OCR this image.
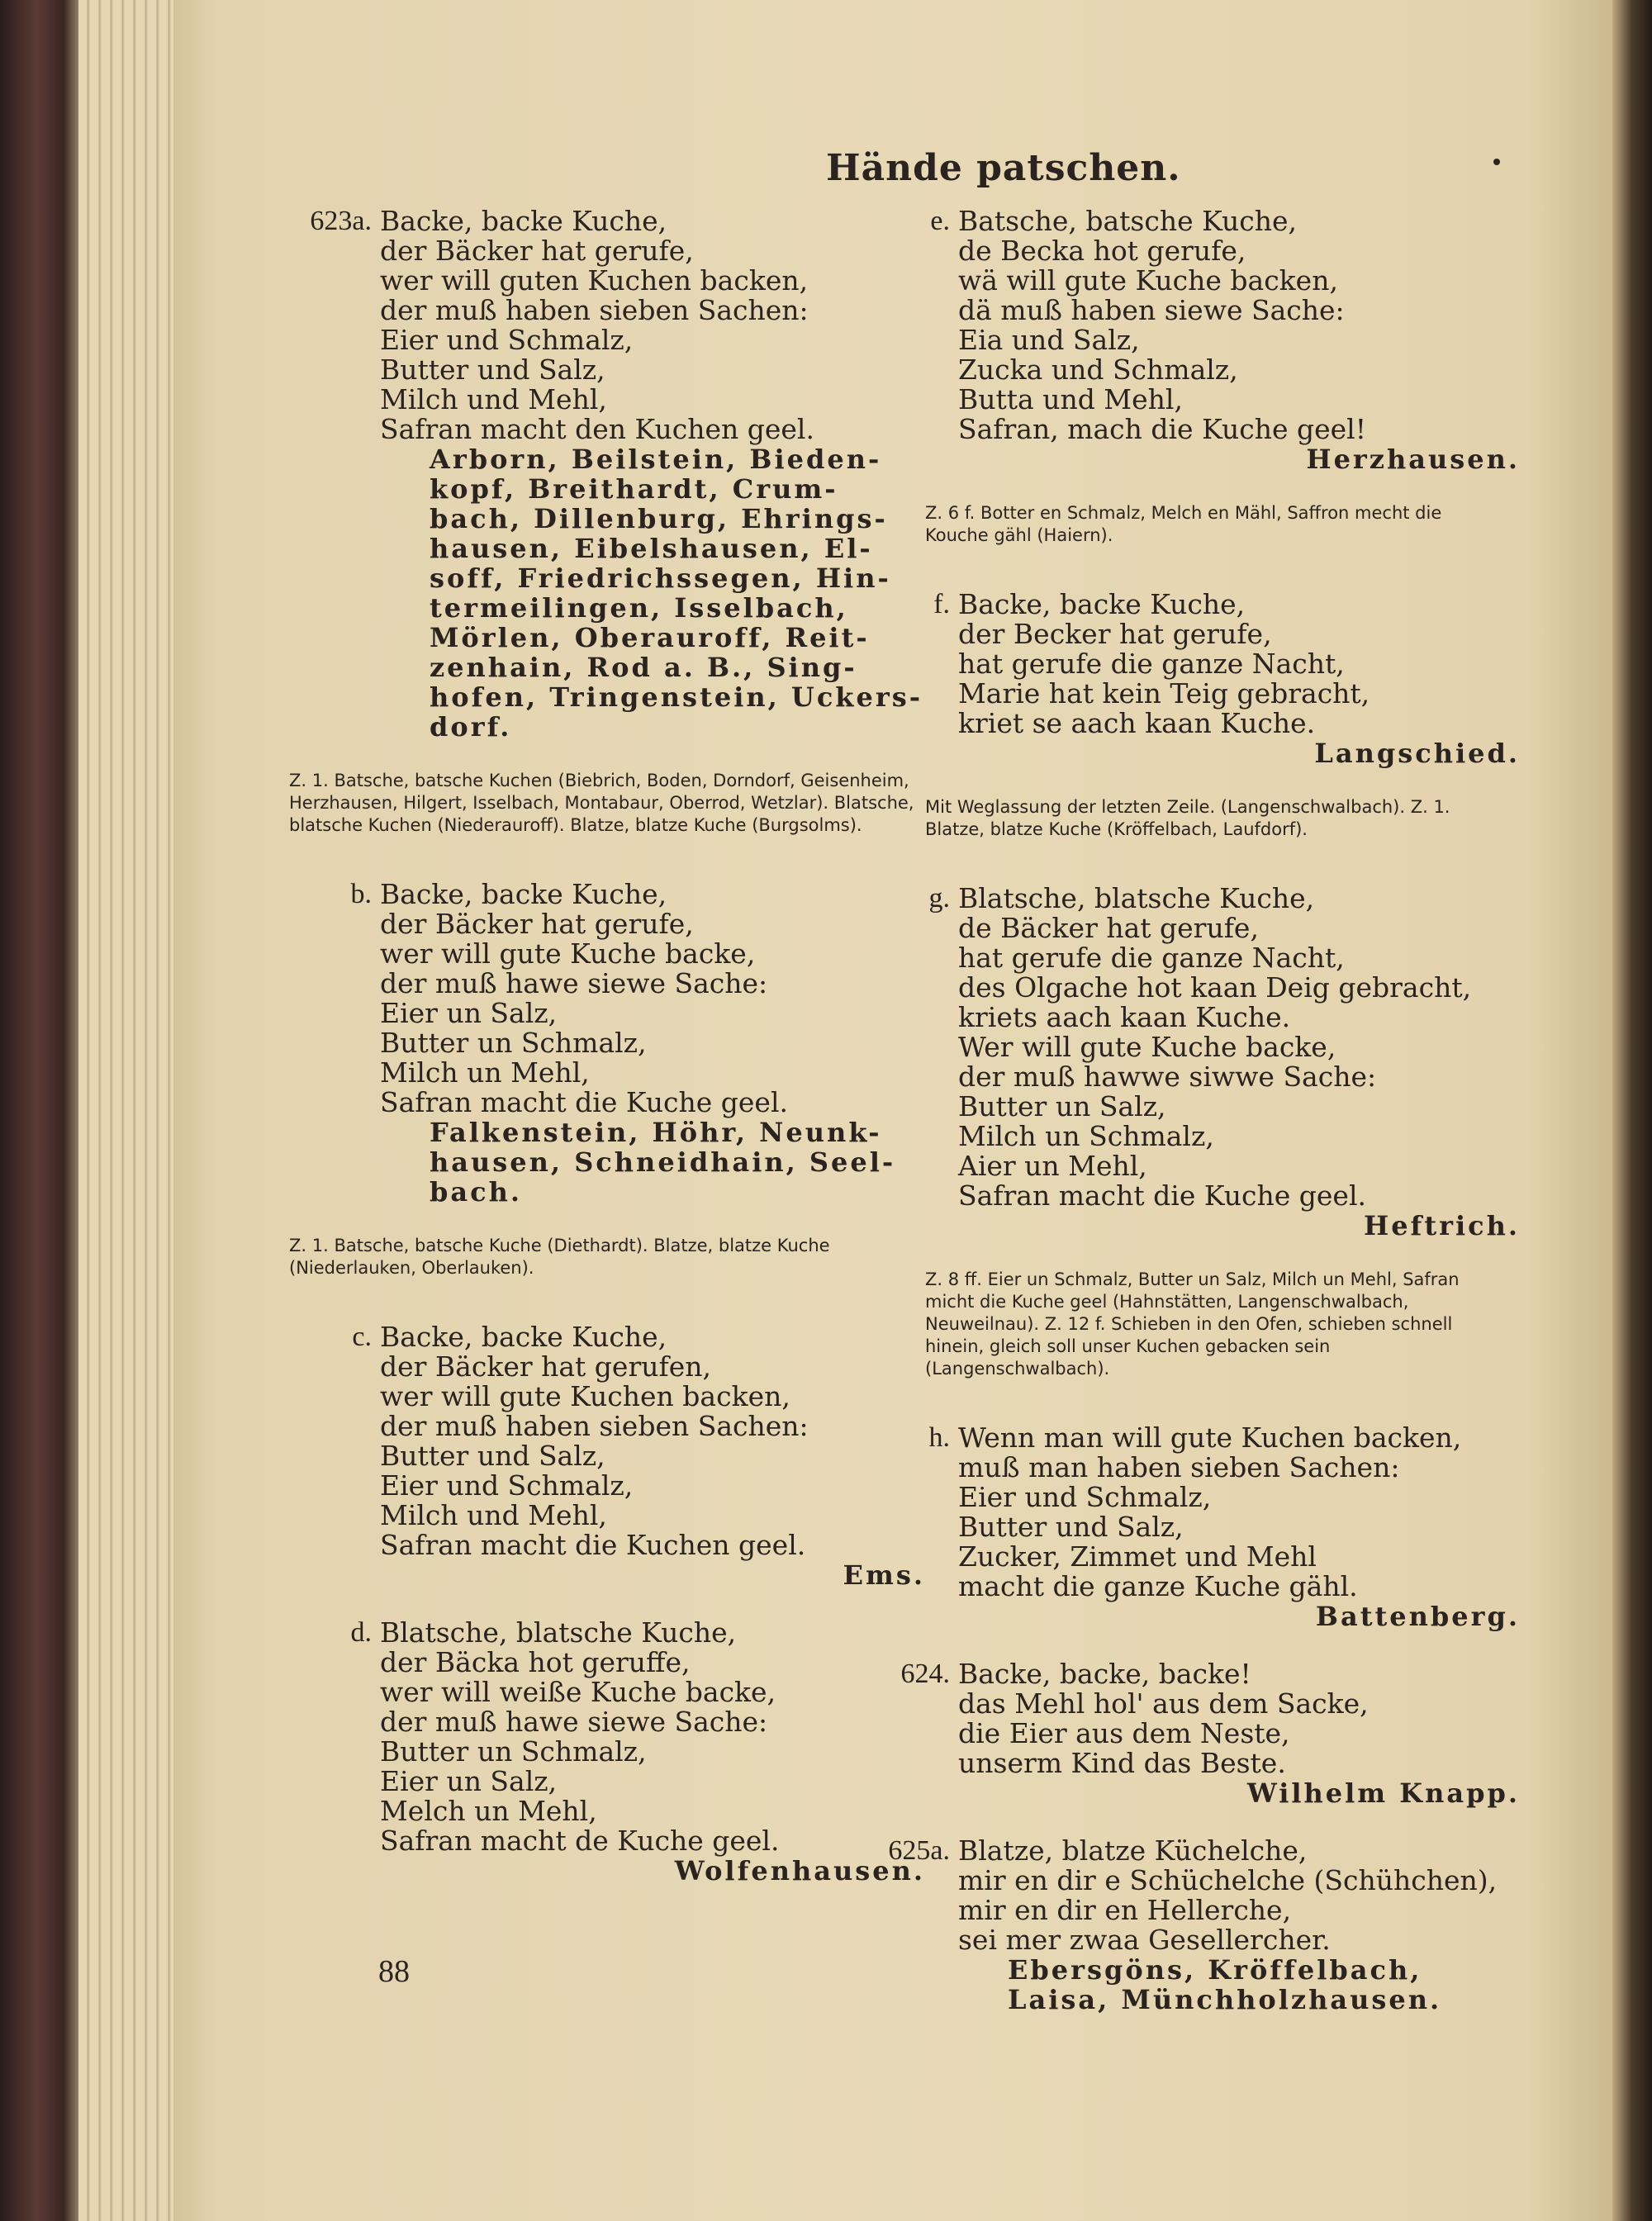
Hände patschen.
623a. Backe, backe Kuche,
der Bäcker hat gerufe,
wer will guten Kuchen backen,
der muß haben sieben Sachen:
Eier und Schmalz,
Butter und Salz,
Milch und Mehl,
Safran macht den Kuchen geel.
Arborn, Beilstein, Bieden-
kopf, Breithardt, Crum-
bach, Dillenburg, Ehrings-
hausen, Eibelshausen, El-
soff, Friedrichssegen, Hin-
termeilingen, Isselbach,
Mörlen, Oberauroff, Reit-
zenhain, Rod a. B., Sing-
hofen, Tringenstein, Uckers-
dorf.
Z. 1. Batsche, batsche Kuchen (Biebrich, Boden, Dorndorf, Geisenheim, Herzhausen, Hilgert, Isselbach, Montabaur, Oberrod, Wetzlar). Blatsche, blatsche Kuchen (Niederauroff). Blatze, blatze Kuche (Burgsolms).
b. Backe, backe Kuche,
der Bäcker hat gerufe,
wer will gute Kuche backe,
der muß hawe siewe Sache:
Eier un Salz,
Butter un Schmalz,
Milch un Mehl,
Safran macht die Kuche geel.
Falkenstein, Höhr, Neunk-
hausen, Schneidhain, Seel-
bach.
Z. 1. Batsche, batsche Kuche (Diethardt). Blatze, blatze Kuche (Niederlauken, Oberlauken).
c. Backe, backe Kuche,
der Bäcker hat gerufen,
wer will gute Kuchen backen,
der muß haben sieben Sachen:
Butter und Salz,
Eier und Schmalz,
Milch und Mehl,
Safran macht die Kuchen geel.
Ems.
d. Blatsche, blatsche Kuche,
der Bäcka hot geruffe,
wer will weiße Kuche backe,
der muß hawe siewe Sache:
Butter un Schmalz,
Eier un Salz,
Melch un Mehl,
Safran macht de Kuche geel.
Wolfenhausen.
e. Batsche, batsche Kuche,
de Becka hot gerufe,
wä will gute Kuche backen,
dä muß haben siewe Sache:
Eia und Salz,
Zucka und Schmalz,
Butta und Mehl,
Safran, mach die Kuche geel!
Herzhausen.
Z. 6 f. Botter en Schmalz, Melch en Mähl, Saffron mecht die Kouche gähl (Haiern).
f. Backe, backe Kuche,
der Becker hat gerufe,
hat gerufe die ganze Nacht,
Marie hat kein Teig gebracht,
kriet se aach kaan Kuche.
Langschied.
Mit Weglassung der letzten Zeile. (Langenschwalbach). Z. 1. Blatze, blatze Kuche (Kröffelbach, Laufdorf).
g. Blatsche, blatsche Kuche,
de Bäcker hat gerufe,
hat gerufe die ganze Nacht,
des Olgache hot kaan Deig gebracht,
kriets aach kaan Kuche.
Wer will gute Kuche backe,
der muß hawwe siwwe Sache:
Butter un Salz,
Milch un Schmalz,
Aier un Mehl,
Safran macht die Kuche geel.
Heftrich.
Z. 8 ff. Eier un Schmalz, Butter un Salz, Milch un Mehl, Safran micht die Kuche geel (Hahnstätten, Langenschwalbach, Neuweilnau). Z. 12 f. Schieben in den Ofen, schieben schnell hinein, gleich soll unser Kuchen gebacken sein (Langenschwalbach).
h. Wenn man will gute Kuchen backen,
muß man haben sieben Sachen:
Eier und Schmalz,
Butter und Salz,
Zucker, Zimmet und Mehl
macht die ganze Kuche gähl.
Battenberg.
624. Backe, backe, backe!
das Mehl hol' aus dem Sacke,
die Eier aus dem Neste,
unserm Kind das Beste.
Wilhelm Knapp.
625a. Blatze, blatze Küchelche,
mir en dir e Schüchelche (Schühchen),
mir en dir en Hellerche,
sei mer zwaa Gesellercher.
Ebersgöns, Kröffelbach,
Laisa, Münchholzhausen.
88
